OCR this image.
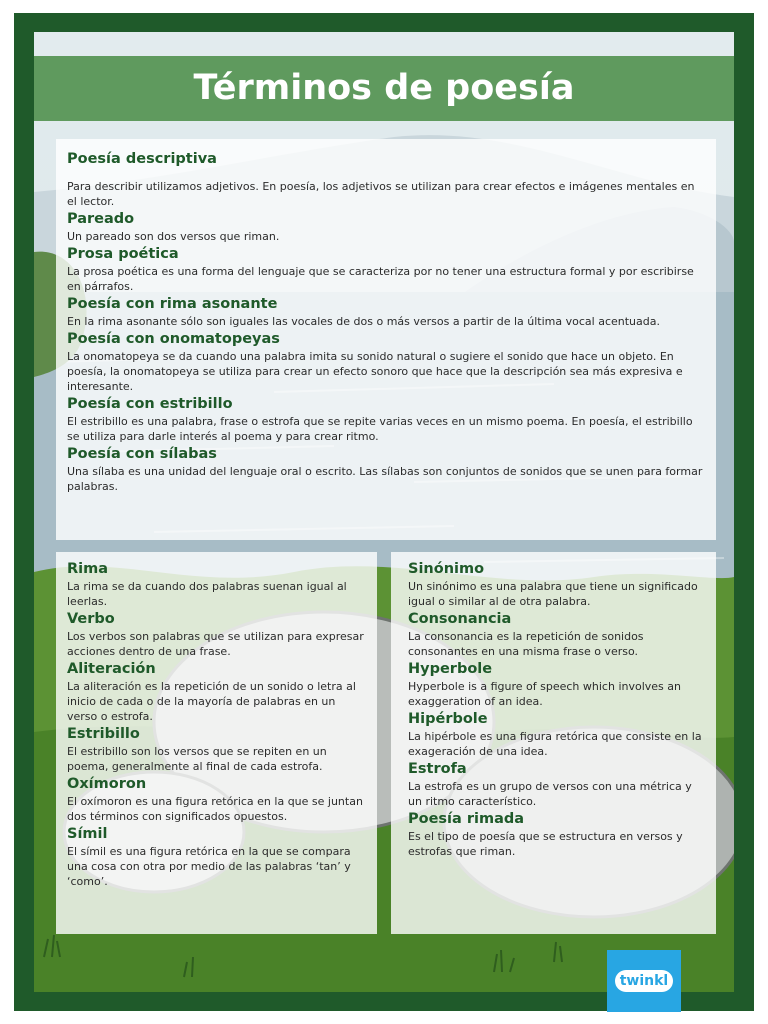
Términos de poesía
Poesía descriptiva

Para describir utilizamos adjetivos. En poesía, los adjetivos se utilizan para crear efectos e imágenes mentales en el lector.

Pareado

Un pareado son dos versos que riman.

Prosa poética

La prosa poética es una forma del lenguaje que se caracteriza por no tener una estructura formal y por escribirse en párrafos.

Poesía con rima asonante

En la rima asonante sólo son iguales las vocales de dos o más versos a partir de la última vocal acentuada.

Poesía con onomatopeyas

La onomatopeya se da cuando una palabra imita su sonido natural o sugiere el sonido que hace un objeto. En poesía, la onomatopeya se utiliza para crear un efecto sonoro que hace que la descripción sea más expresiva e interesante.

Poesía con estribillo

El estribillo es una palabra, frase o estrofa que se repite varias veces en un mismo poema. En poesía, el estribillo se utiliza para darle interés al poema y para crear ritmo.

Poesía con sílabas

Una sílaba es una unidad del lenguaje oral o escrito. Las sílabas son conjuntos de sonidos que se unen para formar palabras.

Rima

La rima se da cuando dos palabras suenan igual al leerlas.

Verbo

Los verbos son palabras que se utilizan para expresar acciones dentro de una frase.

Aliteración

La aliteración es la repetición de un sonido o letra al inicio de cada o de la mayoría de palabras en un verso o estrofa.

Estribillo

El estribillo son los versos que se repiten en un poema, generalmente al final de cada estrofa.

Oxímoron

El oxímoron es una figura retórica en la que se juntan dos términos con significados opuestos.

Símil

El símil es una figura retórica en la que se compara una cosa con otra por medio de las palabras ‘tan’ y ‘como’.

Sinónimo

Un sinónimo es una palabra que tiene un significado igual o similar al de otra palabra.

Consonancia

La consonancia es la repetición de sonidos consonantes en una misma frase o verso.

Hyperbole

Hyperbole is a figure of speech which involves an exaggeration of an idea.

Hipérbole

La hipérbole es una figura retórica que consiste en la exageración de una idea.

Estrofa

La estrofa es un grupo de versos con una métrica y un ritmo característico.

Poesía rimada

Es el tipo de poesía que se estructura en versos y estrofas que riman.

twinkl
